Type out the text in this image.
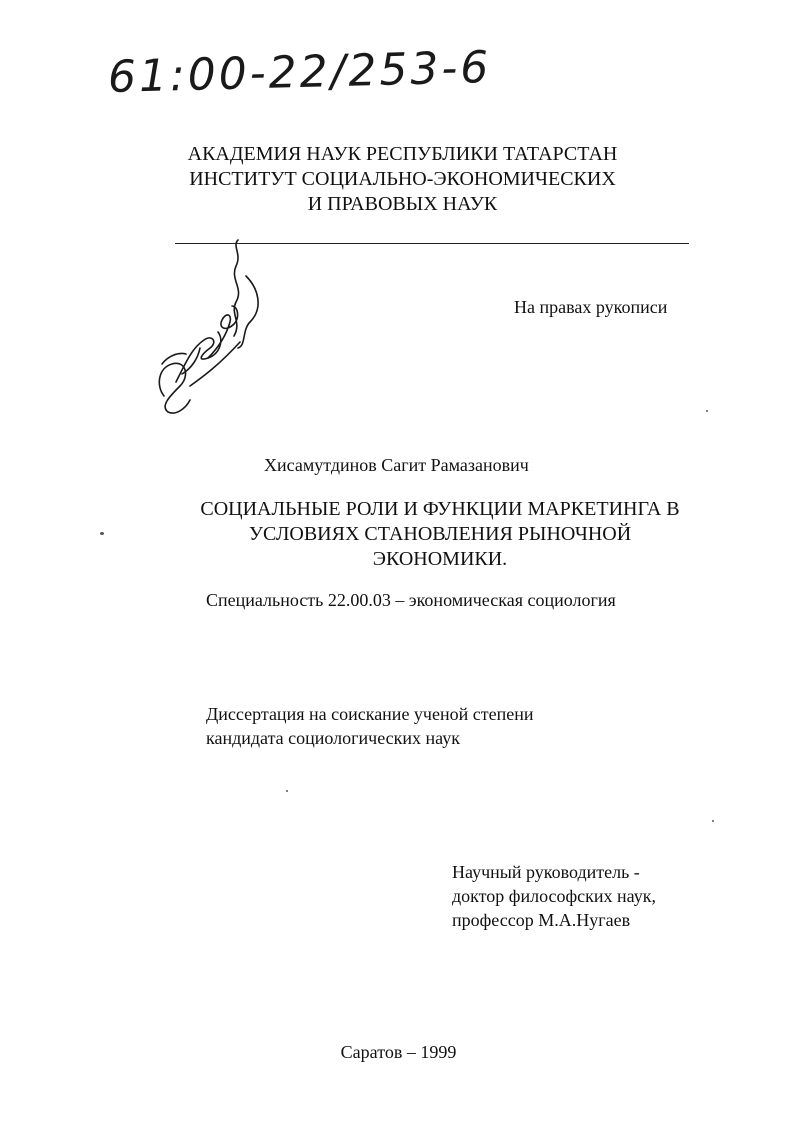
61:00-22/253-6
АКАДЕМИЯ НАУК РЕСПУБЛИКИ ТАТАРСТАН
ИНСТИТУТ СОЦИАЛЬНО-ЭКОНОМИЧЕСКИХ
И ПРАВОВЫХ НАУК
На правах рукописи
Хисамутдинов Сагит Рамазанович
СОЦИАЛЬНЫЕ РОЛИ И ФУНКЦИИ МАРКЕТИНГА В
УСЛОВИЯХ СТАНОВЛЕНИЯ РЫНОЧНОЙ
ЭКОНОМИКИ.
Специальность 22.00.03 – экономическая социология
Диссертация на соискание ученой степени
кандидата социологических наук
Научный руководитель -
доктор философских наук,
профессор М.А.Нугаев
Саратов – 1999
